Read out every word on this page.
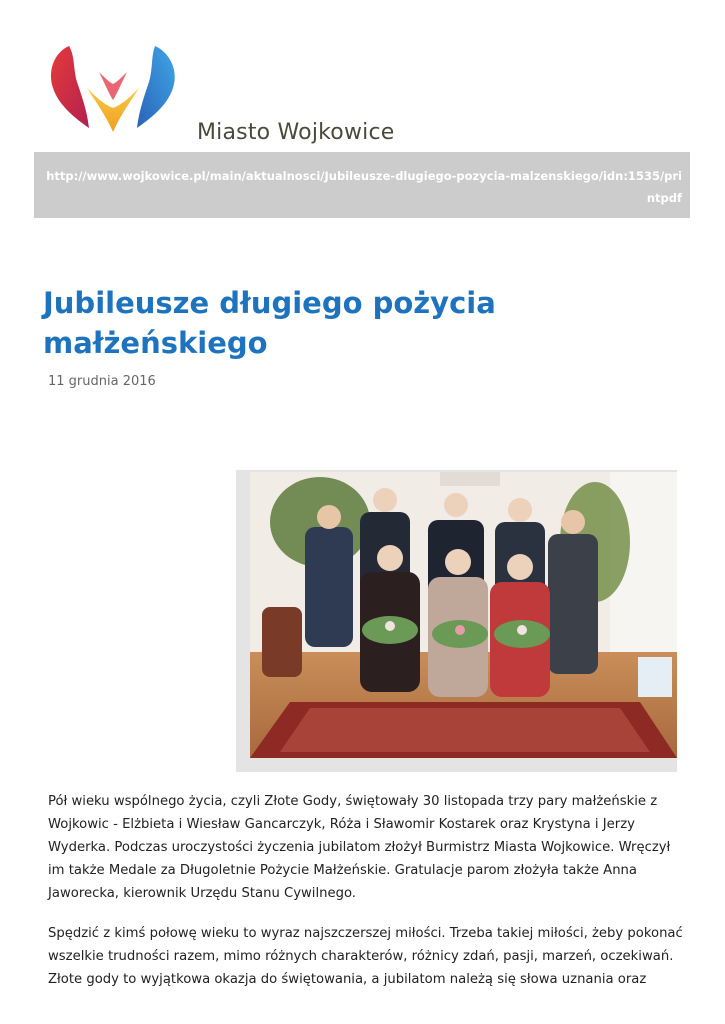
Miasto Wojkowice
http://www.wojkowice.pl/main/aktualnosci/Jubileusze-dlugiego-pozycia-malzenskiego/idn:1535/printpdf
Jubileusze długiego pożycia małżeńskiego
11 grudnia 2016

Pół wieku wspólnego życia, czyli Złote Gody, świętowały 30 listopada trzy pary małżeńskie z Wojkowic - Elżbieta i Wiesław Gancarczyk, Róża i Sławomir Kostarek oraz Krystyna i Jerzy Wyderka. Podczas uroczystości życzenia jubilatom złożył Burmistrz Miasta Wojkowice. Wręczył im także Medale za Długoletnie Pożycie Małżeńskie. Gratulacje parom złożyła także Anna Jaworecka, kierownik Urzędu Stanu Cywilnego.

Spędzić z kimś połowę wieku to wyraz najszczerszej miłości. Trzeba takiej miłości, żeby pokonać wszelkie trudności razem, mimo różnych charakterów, różnicy zdań, pasji, marzeń, oczekiwań. Złote gody to wyjątkowa okazja do świętowania, a jubilatom należą się słowa uznania oraz
